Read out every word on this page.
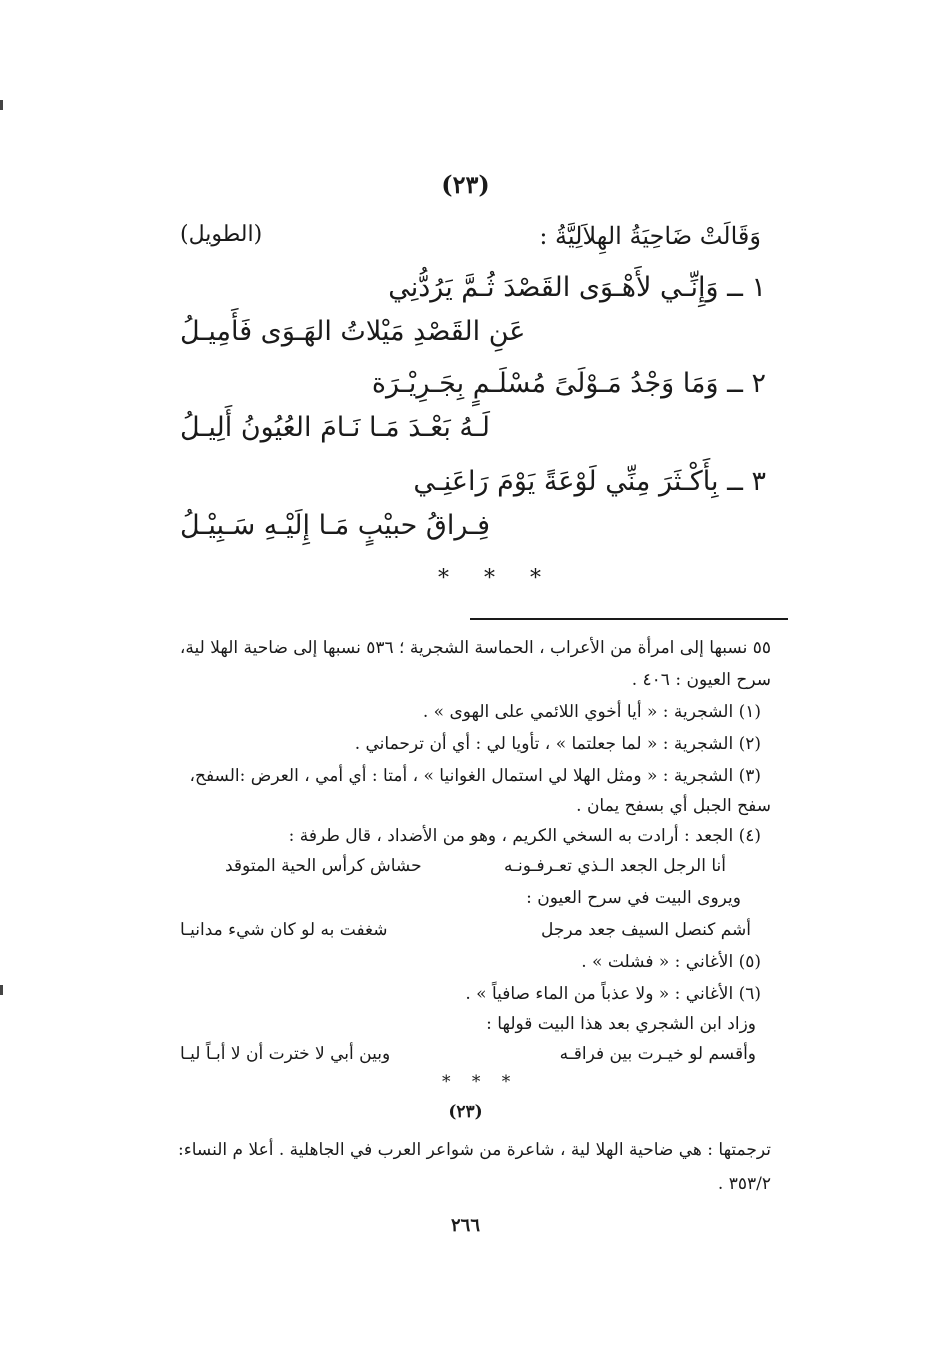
(٢٣)
وَقَالَتْ ضَاحِيَةُ الهِلاَلِيَّةُ :
(الطويل)
١ ــ وَإِنِّـي لأَهْـوَى القَصْدَ ثُـمَّ يَرُدُّنِي
عَنِ القَصْدِ مَيْلاتُ الهَـوَى فَأَمِيـلُ
٢ ــ وَمَا وَجْدُ مَـوْلَىً مُسْلَـمٍ بِجَـرِيْـرَة
لَـهُ بَعْـدَ مَـا نَـامَ العُيُونُ أَلِيـلُ
٣ ــ بِأَكْـثَرَ مِنِّي لَوْعَةً يَوْمَ رَاعَنِـي
فِـراقُ حبيْبٍ مَـا إِلَيْـهِ سَـبِيْـلُ
* * *
٥٥ نسبها إلى امرأة من الأعراب ، الحماسة الشجرية ؛ ٥٣٦ نسبها إلى ضاحية الهلا لية،
سرح العيون : ٤٠٦ .
(١) الشجرية : « أيا أخوي اللائمي على الهوى » .
(٢) الشجرية : « لما جعلتما » ، تأويا لي : أي أن ترحماني .
(٣) الشجرية : « ومثل الهلا لي استمال الغوانيا » ، أمتا : أي أمي ، العرض :السفح،
سفح الجبل أي بسفح يمان .
(٤) الجعد : أرادت به السخي الكريم ، وهو من الأضداد ، قال طرفة :
أنا الرجل الجعد الـذي تعـرفـونـه
حشاش كرأس الحية المتوقد
ويروى البيت في سرح العيون :
أشم كنصل السيف جعد مرجل
شغفت به لو كان شيء مدانيـا
(٥) الأغاني : « فشلت » .
(٦) الأغاني : « ولا عذباً من الماء صافياً » .
وزاد ابن الشجري بعد هذا البيت قولها :
وأقسم لو خيـرت بين فراقـه
وبين أبي لا خترت أن لا أبـاً ليـا
* * *
(٢٣)
ترجمتها : هي ضاحية الهلا لية ، شاعرة من شواعر العرب في الجاهلية . أعلا م النساء:
٣٥٣/٢ .
٢٦٦
